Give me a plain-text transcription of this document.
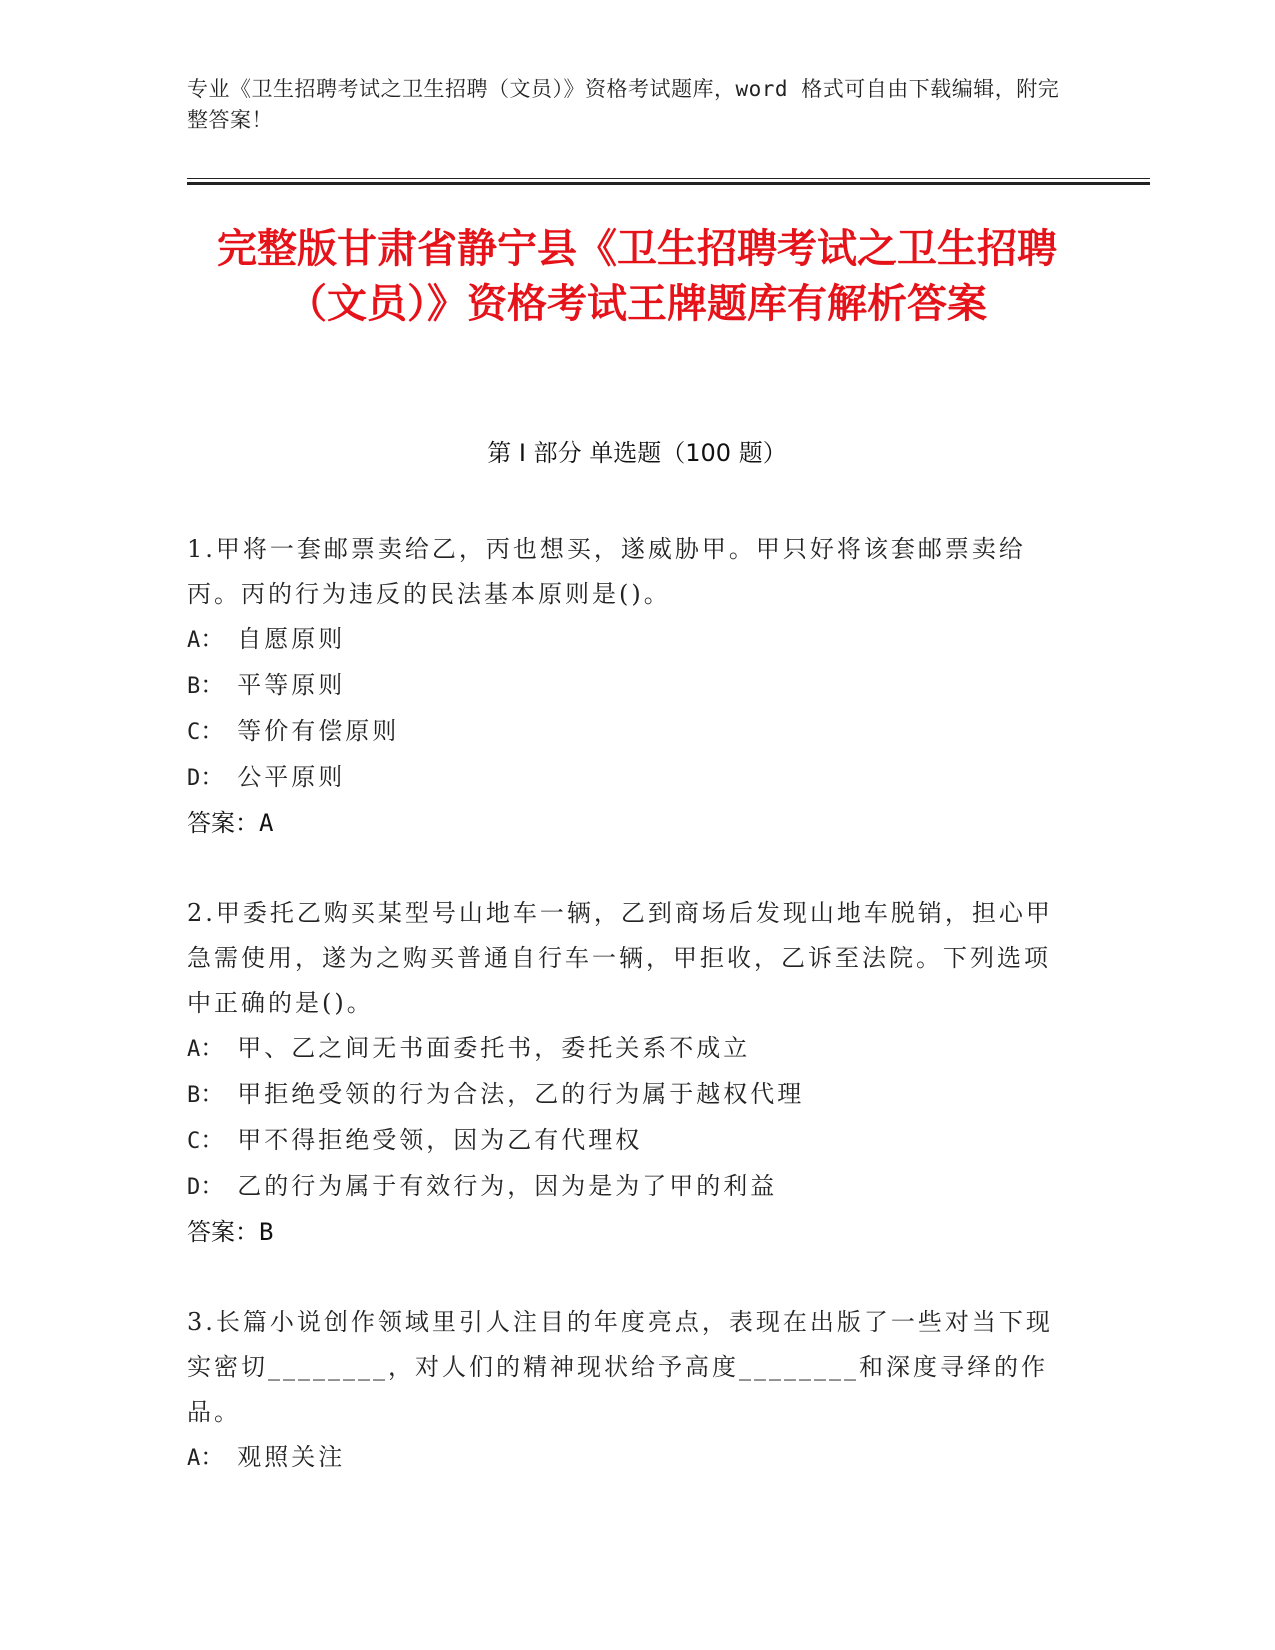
专业《卫生招聘考试之卫生招聘（文员）》资格考试题库，word 格式可自由下载编辑，附完整答案！
完整版甘肃省静宁县《卫生招聘考试之卫生招聘（文员）》资格考试王牌题库有解析答案
第 I 部分 单选题（100 题）
1.甲将一套邮票卖给乙，丙也想买，遂威胁甲。甲只好将该套邮票卖给丙。丙的行为违反的民法基本原则是()。
A： 自愿原则
B： 平等原则
C： 等价有偿原则
D： 公平原则
答案：A
2.甲委托乙购买某型号山地车一辆，乙到商场后发现山地车脱销，担心甲急需使用，遂为之购买普通自行车一辆，甲拒收，乙诉至法院。下列选项中正确的是()。
A： 甲、乙之间无书面委托书，委托关系不成立
B： 甲拒绝受领的行为合法，乙的行为属于越权代理
C： 甲不得拒绝受领，因为乙有代理权
D： 乙的行为属于有效行为，因为是为了甲的利益
答案：B
3.长篇小说创作领域里引人注目的年度亮点，表现在出版了一些对当下现实密切________，对人们的精神现状给予高度________和深度寻绎的作品。
A： 观照关注
